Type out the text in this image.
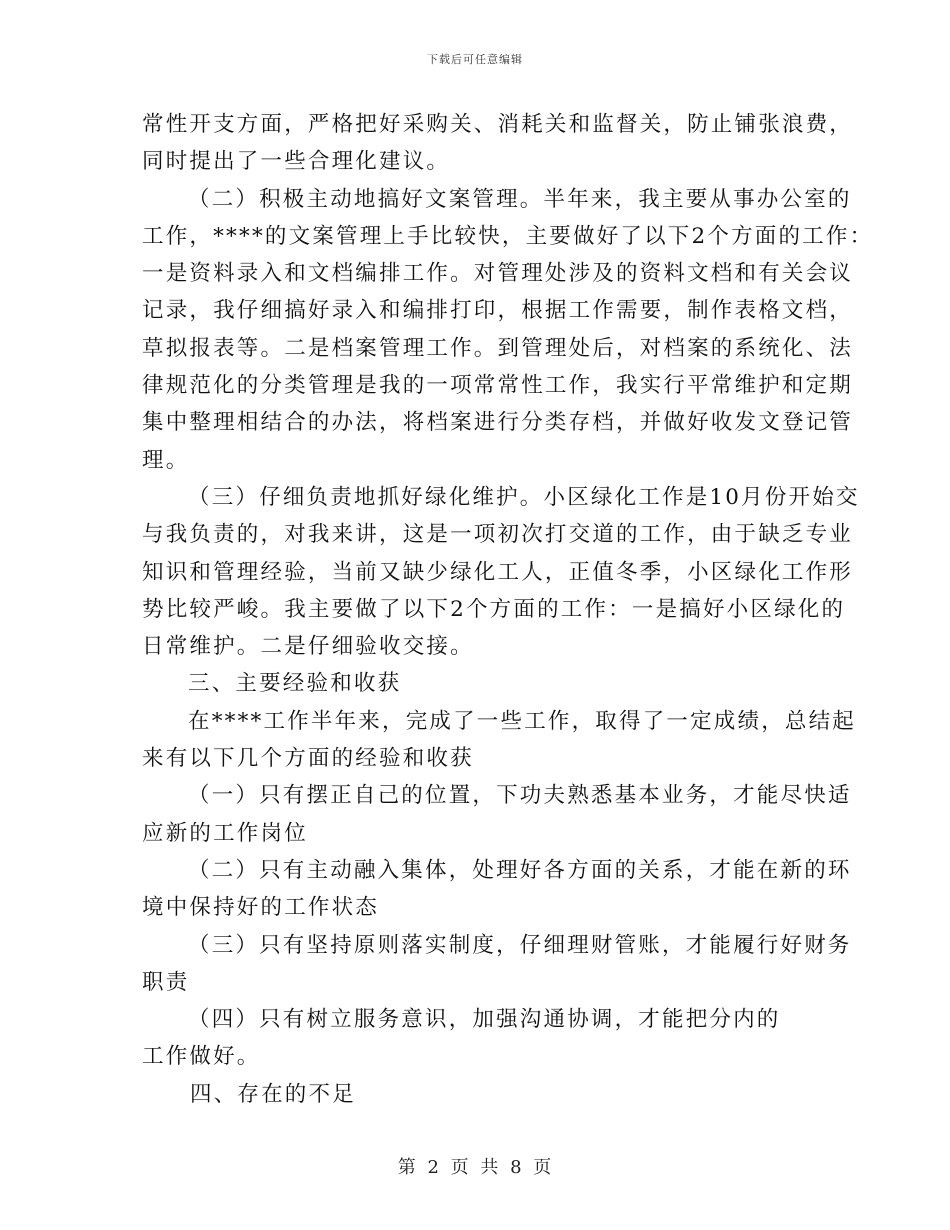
下载后可任意编辑

常性开支方面，严格把好采购关、消耗关和监督关，防止铺张浪费，

同时提出了一些合理化建议。

（二）积极主动地搞好文案管理。半年来，我主要从事办公室的

工作，****的文案管理上手比较快，主要做好了以下2个方面的工作：

一是资料录入和文档编排工作。对管理处涉及的资料文档和有关会议

记录，我仔细搞好录入和编排打印，根据工作需要，制作表格文档，

草拟报表等。二是档案管理工作。到管理处后，对档案的系统化、法

律规范化的分类管理是我的一项常常性工作，我实行平常维护和定期

集中整理相结合的办法，将档案进行分类存档，并做好收发文登记管

理。

（三）仔细负责地抓好绿化维护。小区绿化工作是10月份开始交

与我负责的，对我来讲，这是一项初次打交道的工作，由于缺乏专业

知识和管理经验，当前又缺少绿化工人，正值冬季，小区绿化工作形

势比较严峻。我主要做了以下2个方面的工作：一是搞好小区绿化的

日常维护。二是仔细验收交接。

三、主要经验和收获

在****工作半年来，完成了一些工作，取得了一定成绩，总结起

来有以下几个方面的经验和收获

（一）只有摆正自己的位置，下功夫熟悉基本业务，才能尽快适

应新的工作岗位

（二）只有主动融入集体，处理好各方面的关系，才能在新的环

境中保持好的工作状态

（三）只有坚持原则落实制度，仔细理财管账，才能履行好财务

职责

（四）只有树立服务意识，加强沟通协调，才能把分内的

工作做好。

四、存在的不足

第 2 页 共 8 页
